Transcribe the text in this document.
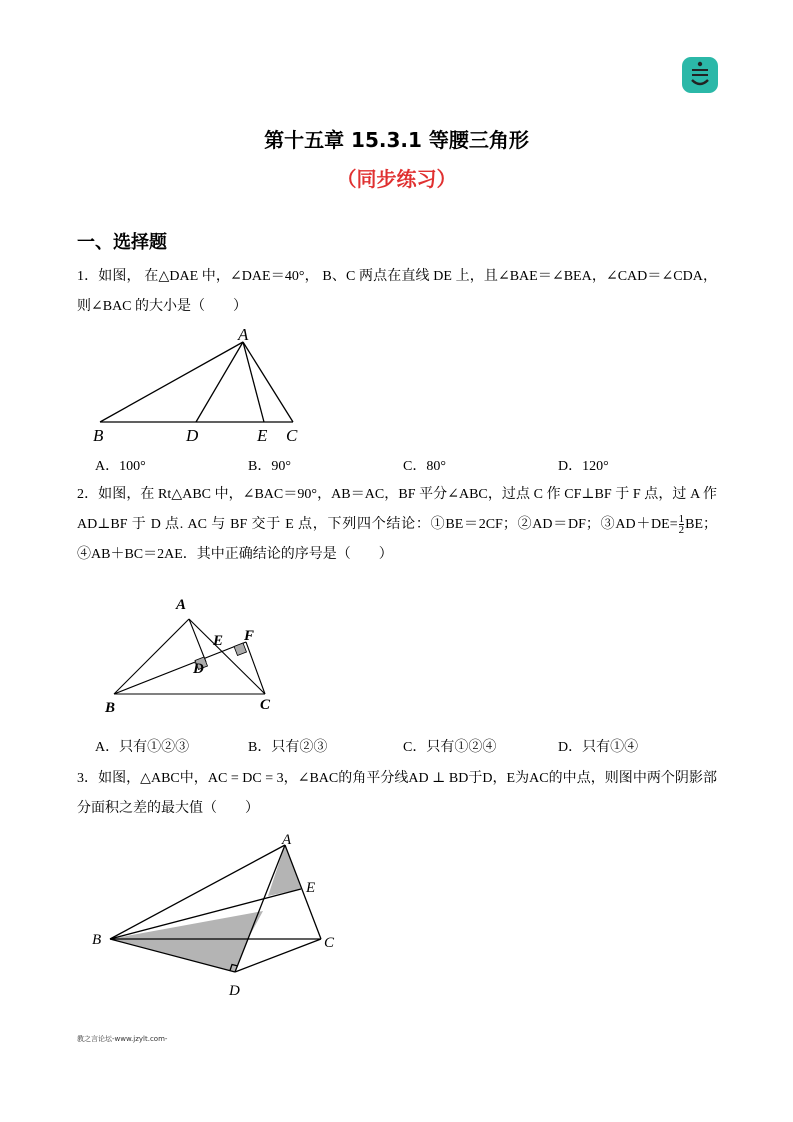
第十五章 15.3.1 等腰三角形
（同步练习）
一、选择题
1．如图， 在△DAE 中，∠DAE＝40°， B、C 两点在直线 DE 上，且∠BAE＝∠BEA，∠CAD＝∠CDA，则∠BAC 的大小是（　　）
A
B	D	E C
A．100°	B．90°	C．80°	D．120°
2．如图，在 Rt△ABC 中，∠BAC＝90°，AB＝AC，BF 平分∠ABC，过点 C 作 CF⊥BF 于 F 点，过 A 作 AD⊥BF 于 D 点. AC 与 BF 交于 E 点，下列四个结论：①BE＝2CF；②AD＝DF；③AD＋DE= $\frac{1}{2}$ BE；④AB＋BC＝2AE．其中正确结论的序号是（　　）
A
E F
D
B	C
A．只有①②③	B．只有②③	C．只有①②④	D．只有①④
3．如图，△ABC中，AC = DC = 3，∠BAC的角平分线AD ⊥ BD于D，E为AC的中点，则图中两个阴影部分面积之差的最大值（　　）
A
E
B	C
D
教之言论坛-www.jzylt.com-
